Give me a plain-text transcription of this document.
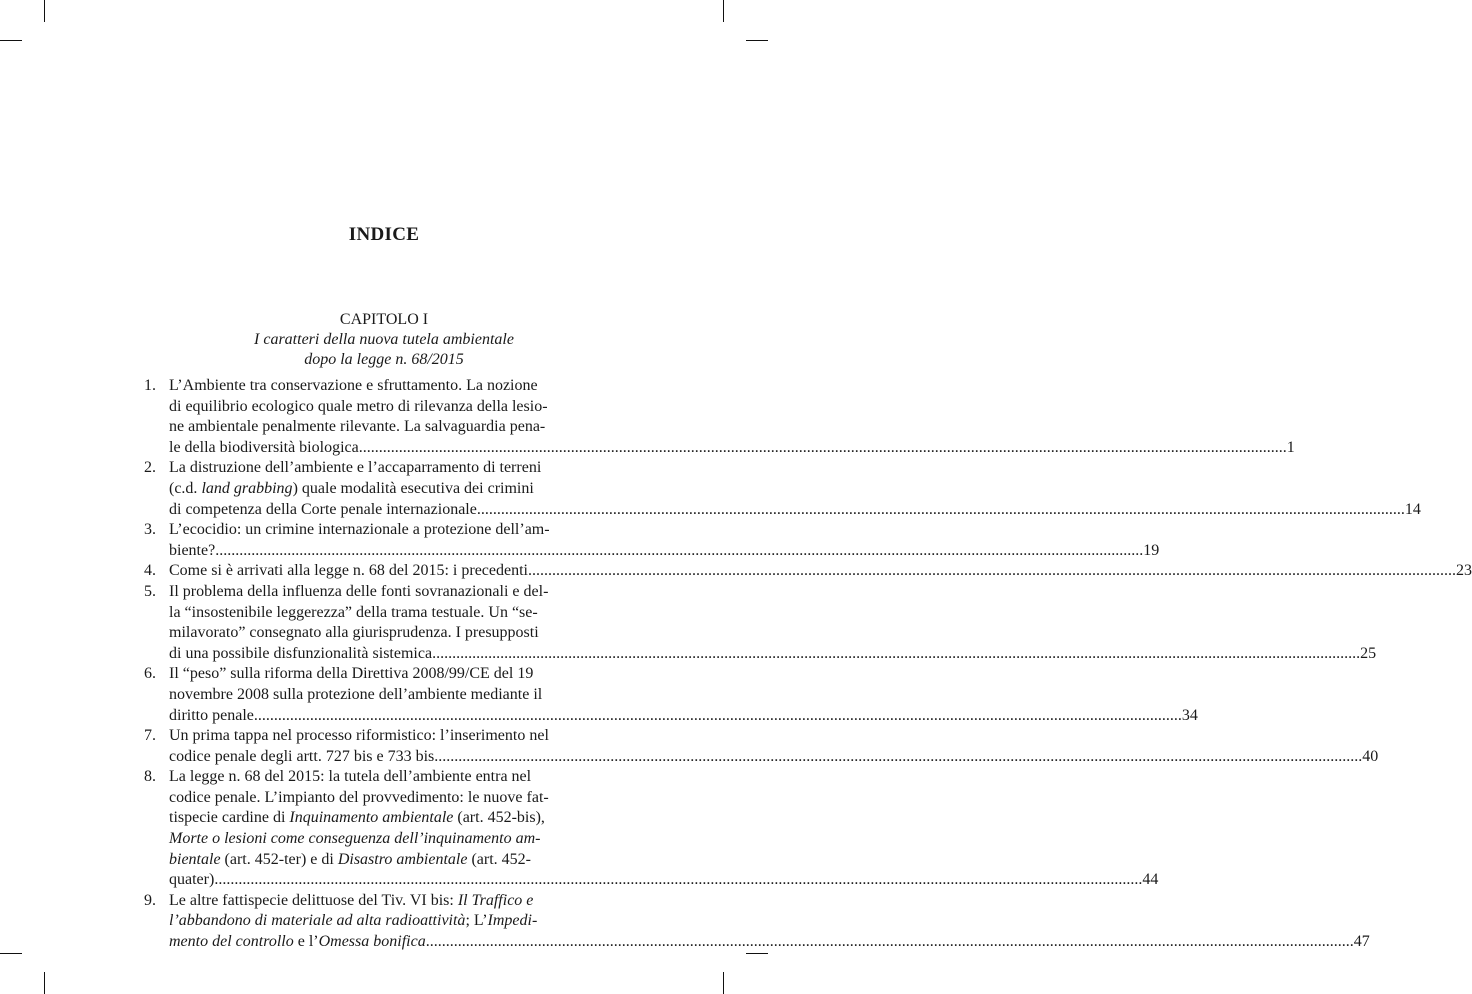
INDICE
CAPITOLO I
I caratteri della nuova tutela ambientale
dopo la legge n. 68/2015
1. L’Ambiente tra conservazione e sfruttamento. La nozione
di equilibrio ecologico quale metro di rilevanza della lesio-
ne ambientale penalmente rilevante. La salvaguardia pena-
le della biodiversità biologica .....	1
2. La distruzione dell’ambiente e l’accaparramento di terreni
(c.d. land grabbing) quale modalità esecutiva dei crimini
di competenza della Corte penale internazionale .....	14
3. L’ecocidio: un crimine internazionale a protezione dell’am-
biente? .....	19
4. Come si è arrivati alla legge n. 68 del 2015: i precedenti .....	23
5. Il problema della influenza delle fonti sovranazionali e del-
la “insostenibile leggerezza” della trama testuale. Un “se-
milavorato” consegnato alla giurisprudenza. I presupposti
di una possibile disfunzionalità sistemica .....	25
6. Il “peso” sulla riforma della Direttiva 2008/99/CE del 19
novembre 2008 sulla protezione dell’ambiente mediante il
diritto penale .....	34
7. Un prima tappa nel processo riformistico: l’inserimento nel
codice penale degli artt. 727 bis e 733 bis .....	40
8. La legge n. 68 del 2015: la tutela dell’ambiente entra nel
codice penale. L’impianto del provvedimento: le nuove fat-
tispecie cardine di Inquinamento ambientale (art. 452-bis),
Morte o lesioni come conseguenza dell’inquinamento am-
bientale (art. 452-ter) e di Disastro ambientale (art. 452-
quater) .....	44
9. Le altre fattispecie delittuose del Tiv. VI bis: Il Traffico e
l’abbandono di materiale ad alta radioattività; L’Impedi-
mento del controllo e l’Omessa bonifica .....	47
